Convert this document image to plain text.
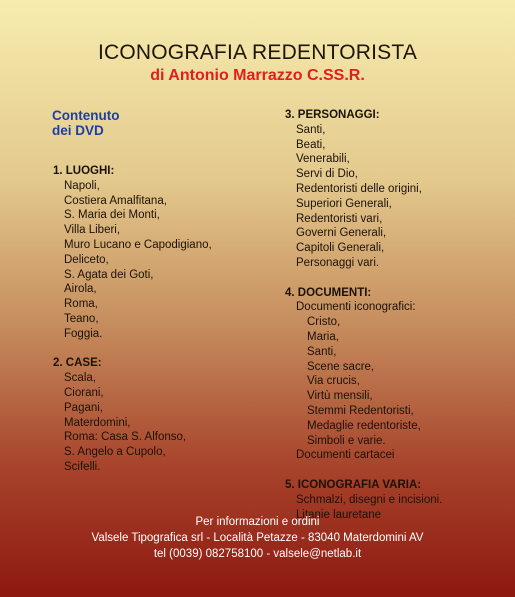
ICONOGRAFIA REDENTORISTA
di Antonio Marrazzo C.SS.R.
Contenuto
dei DVD
1. LUOGHI:
Napoli,
Costiera Amalfitana,
S. Maria dei Monti,
Villa Liberi,
Muro Lucano e Capodigiano,
Deliceto,
S. Agata dei Goti,
Airola,
Roma,
Teano,
Foggia.
2. CASE:
Scala,
Ciorani,
Pagani,
Materdomini,
Roma: Casa S. Alfonso,
S. Angelo a Cupolo,
Scifelli.
3. PERSONAGGI:
Santi,
Beati,
Venerabili,
Servi di Dio,
Redentoristi delle origini,
Superiori Generali,
Redentoristi vari,
Governi Generali,
Capitoli Generali,
Personaggi vari.
4. DOCUMENTI:
Documenti iconografici:
Cristo,
Maria,
Santi,
Scene sacre,
Via crucis,
Virtù mensili,
Stemmi Redentoristi,
Medaglie redentoriste,
Simboli e varie.
Documenti cartacei
5. ICONOGRAFIA VARIA:
Schmalzi, disegni e incisioni.
Litanie lauretane
Per informazioni e ordini
Valsele Tipografica srl - Località Petazze - 83040 Materdomini AV
tel (0039) 082758100 - valsele@netlab.it
